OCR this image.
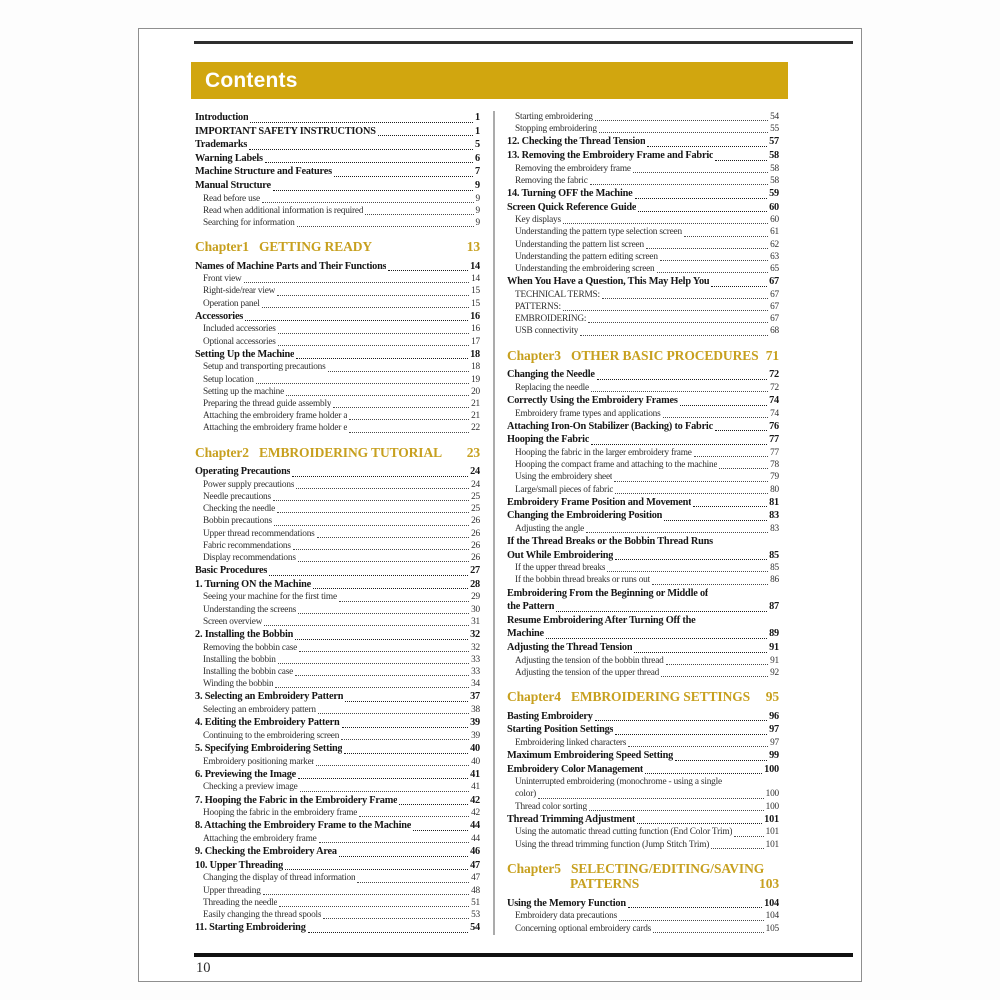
Contents
Introduction	1
IMPORTANT SAFETY INSTRUCTIONS	1
Trademarks	5
Warning Labels	6
Machine Structure and Features	7
Manual Structure	9
Read before use	9
Read when additional information is required	9
Searching for information	9
Chapter1 GETTING READY	13
Names of Machine Parts and Their Functions	14
Front view	14
Right-side/rear view	15
Operation panel	15
Accessories	16
Included accessories	16
Optional accessories	17
Setting Up the Machine	18
Setup and transporting precautions	18
Setup location	19
Setting up the machine	20
Preparing the thread guide assembly	21
Attaching the embroidery frame holder a	21
Attaching the embroidery frame holder e	22
Chapter2 EMBROIDERING TUTORIAL	23
Operating Precautions	24
Power supply precautions	24
Needle precautions	25
Checking the needle	25
Bobbin precautions	26
Upper thread recommendations	26
Fabric recommendations	26
Display recommendations	26
Basic Procedures	27
1. Turning ON the Machine	28
Seeing your machine for the first time	29
Understanding the screens	30
Screen overview	31
2. Installing the Bobbin	32
Removing the bobbin case	32
Installing the bobbin	33
Installing the bobbin case	33
Winding the bobbin	34
3. Selecting an Embroidery Pattern	37
Selecting an embroidery pattern	38
4. Editing the Embroidery Pattern	39
Continuing to the embroidering screen	39
5. Specifying Embroidering Setting	40
Embroidery positioning marker	40
6. Previewing the Image	41
Checking a preview image	41
7. Hooping the Fabric in the Embroidery Frame	42
Hooping the fabric in the embroidery frame	42
8. Attaching the Embroidery Frame to the Machine	44
Attaching the embroidery frame	44
9. Checking the Embroidery Area	46
10. Upper Threading	47
Changing the display of thread information	47
Upper threading	48
Threading the needle	51
Easily changing the thread spools	53
11. Starting Embroidering	54
Starting embroidering	54
Stopping embroidering	55
12. Checking the Thread Tension	57
13. Removing the Embroidery Frame and Fabric	58
Removing the embroidery frame	58
Removing the fabric	58
14. Turning OFF the Machine	59
Screen Quick Reference Guide	60
Key displays	60
Understanding the pattern type selection screen	61
Understanding the pattern list screen	62
Understanding the pattern editing screen	63
Understanding the embroidering screen	65
When You Have a Question, This May Help You	67
TECHNICAL TERMS:	67
PATTERNS:	67
EMBROIDERING:	67
USB connectivity	68
Chapter3 OTHER BASIC PROCEDURES 71
Changing the Needle	72
Replacing the needle	72
Correctly Using the Embroidery Frames	74
Embroidery frame types and applications	74
Attaching Iron-On Stabilizer (Backing) to Fabric	76
Hooping the Fabric	77
Hooping the fabric in the larger embroidery frame	77
Hooping the compact frame and attaching to the machine	78
Using the embroidery sheet	79
Large/small pieces of fabric	80
Embroidery Frame Position and Movement	81
Changing the Embroidering Position	83
Adjusting the angle	83
If the Thread Breaks or the Bobbin Thread Runs
Out While Embroidering	85
If the upper thread breaks	85
If the bobbin thread breaks or runs out	86
Embroidering From the Beginning or Middle of
the Pattern	87
Resume Embroidering After Turning Off the
Machine	89
Adjusting the Thread Tension	91
Adjusting the tension of the bobbin thread	91
Adjusting the tension of the upper thread	92
Chapter4 EMBROIDERING SETTINGS	95
Basting Embroidery	96
Starting Position Settings	97
Embroidering linked characters	97
Maximum Embroidering Speed Setting	99
Embroidery Color Management	100
Uninterrupted embroidering (monochrome - using a single
color)	100
Thread color sorting	100
Thread Trimming Adjustment	101
Using the automatic thread cutting function (End Color Trim)	101
Using the thread trimming function (Jump Stitch Trim)	101
Chapter5 SELECTING/EDITING/SAVING
PATTERNS	103
Using the Memory Function	104
Embroidery data precautions	104
Concerning optional embroidery cards	105
10
